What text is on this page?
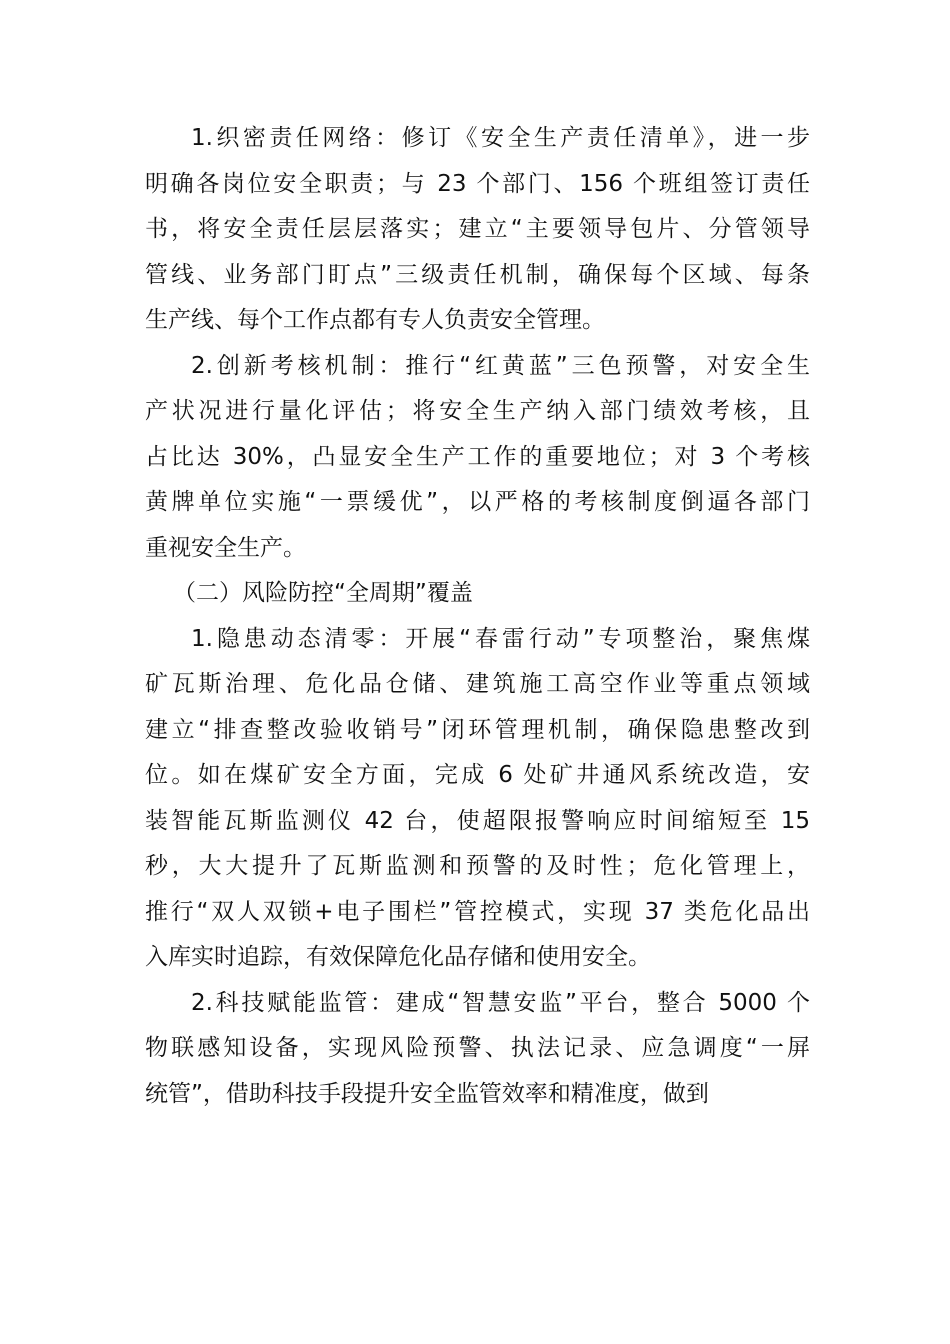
1.织密责任网络：修订《安全生产责任清单》，进一步
明确各岗位安全职责；与 23 个部门、156 个班组签订责任
书，将安全责任层层落实；建立“主要领导包片、分管领导
管线、业务部门盯点”三级责任机制，确保每个区域、每条
生产线、每个工作点都有专人负责安全管理。
2.创新考核机制：推行“红黄蓝”三色预警，对安全生
产状况进行量化评估；将安全生产纳入部门绩效考核，且
占比达 30%，凸显安全生产工作的重要地位；对 3 个考核
黄牌单位实施“一票缓优”，以严格的考核制度倒逼各部门
重视安全生产。
（二）风险防控“全周期”覆盖
1.隐患动态清零：开展“春雷行动”专项整治，聚焦煤
矿瓦斯治理、危化品仓储、建筑施工高空作业等重点领域
建立“排查整改验收销号”闭环管理机制，确保隐患整改到
位。如在煤矿安全方面，完成 6 处矿井通风系统改造，安
装智能瓦斯监测仪 42 台，使超限报警响应时间缩短至 15
秒，大大提升了瓦斯监测和预警的及时性；危化管理上，
推行“双人双锁+电子围栏”管控模式，实现 37 类危化品出
入库实时追踪，有效保障危化品存储和使用安全。
2.科技赋能监管：建成“智慧安监”平台，整合 5000 个
物联感知设备，实现风险预警、执法记录、应急调度“一屏
统管”，借助科技手段提升安全监管效率和精准度，做到
